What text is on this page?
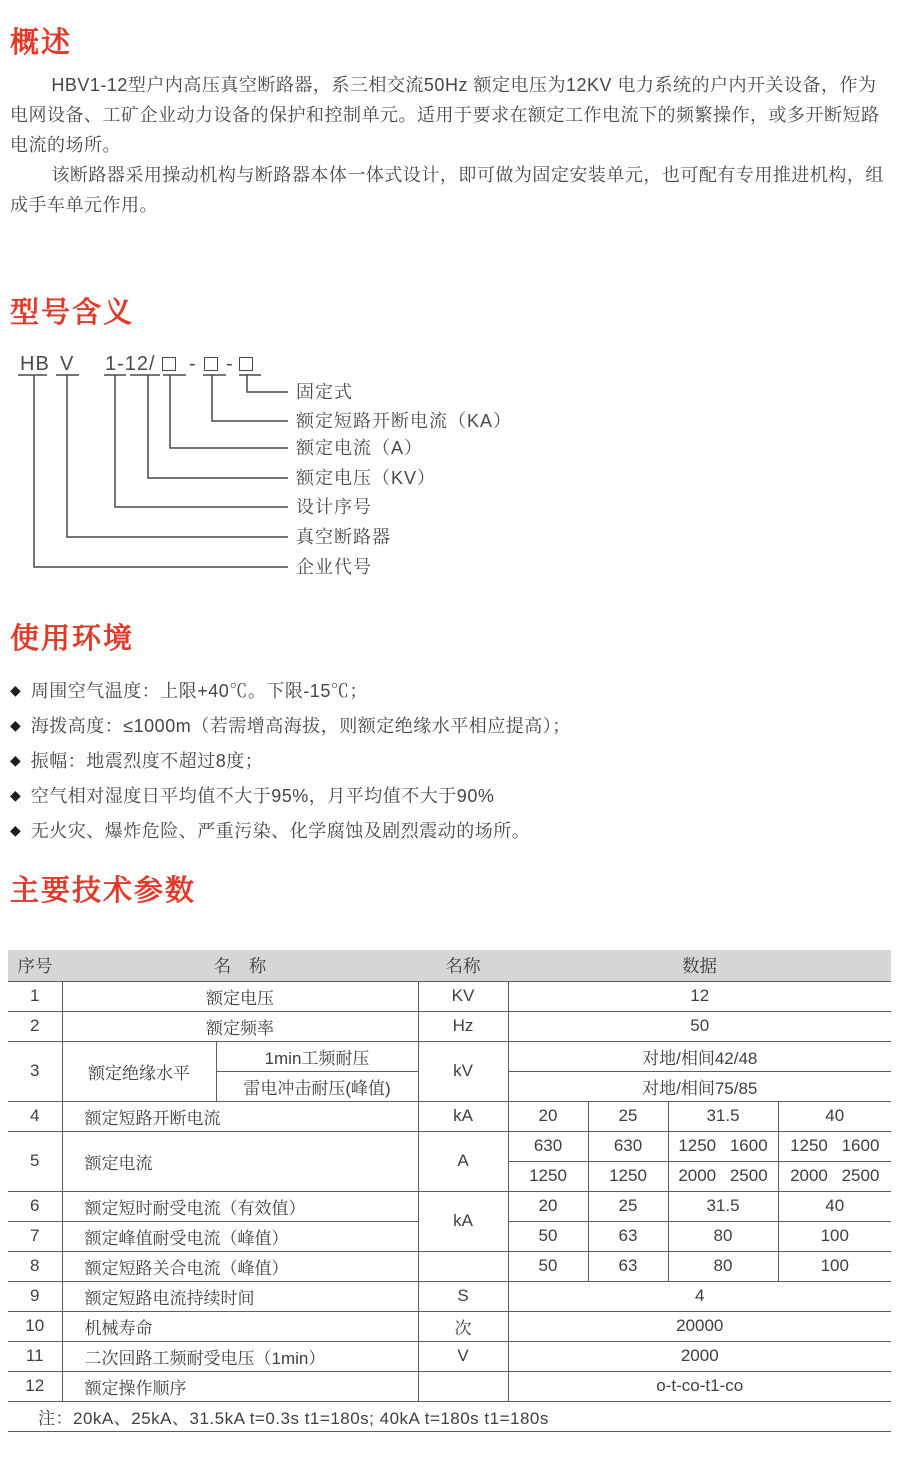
概述

HBV1-12型户内高压真空断路器，系三相交流50Hz 额定电压为12KV 电力系统的户内开关设备，作为电网设备、工矿企业动力设备的保护和控制单元。适用于要求在额定工作电流下的频繁操作，或多开断短路电流的场所。

该断路器采用操动机构与断路器本体一体式设计，即可做为固定安装单元，也可配有专用推进机构，组成手车单元作用。

型号含义
HB V 1-12/ - -
固定式
额定短路开断电流（KA）
额定电流（A）
额定电压（KV）
设计序号
真空断路器
企业代号
使用环境
◆ 周围空气温度：上限+40℃。下限-15℃；
◆ 海拨高度：≤1000m（若需增高海拔，则额定绝缘水平相应提高）；
◆ 振幅：地震烈度不超过8度；
◆ 空气相对湿度日平均值不大于95%，月平均值不大于90%
◆ 无火灾、爆炸危险、严重污染、化学腐蚀及剧烈震动的场所。
主要技术参数
序号	名　称		名称	数据			
1	额定电压		KV	12			
2	额定频率		Hz	50			
3	额定绝缘水平	1min工频耐压	kV	对地/相间42/48			
		雷电冲击耐压(峰值)		对地/相间75/85			
4	额定短路开断电流		kA	20	25	31.5	40
5	额定电流		A	630	630	1250 1600	1250 1600
				1250	1250	2000 2500	2000 2500
6	额定短时耐受电流（有效值）		kA	20	25	31.5	40
7	额定峰值耐受电流（峰值）			50	63	80	100
8	额定短路关合电流（峰值）			50	63	80	100
9	额定短路电流持续时间		S	4			
10	机械寿命		次	20000			
11	二次回路工频耐受电压（1min）		V	2000			
12	额定操作顺序			o-t-co-t1-co			
注：20kA、25kA、31.5kA t=0.3s t1=180s; 40kA t=180s t1=180s							
